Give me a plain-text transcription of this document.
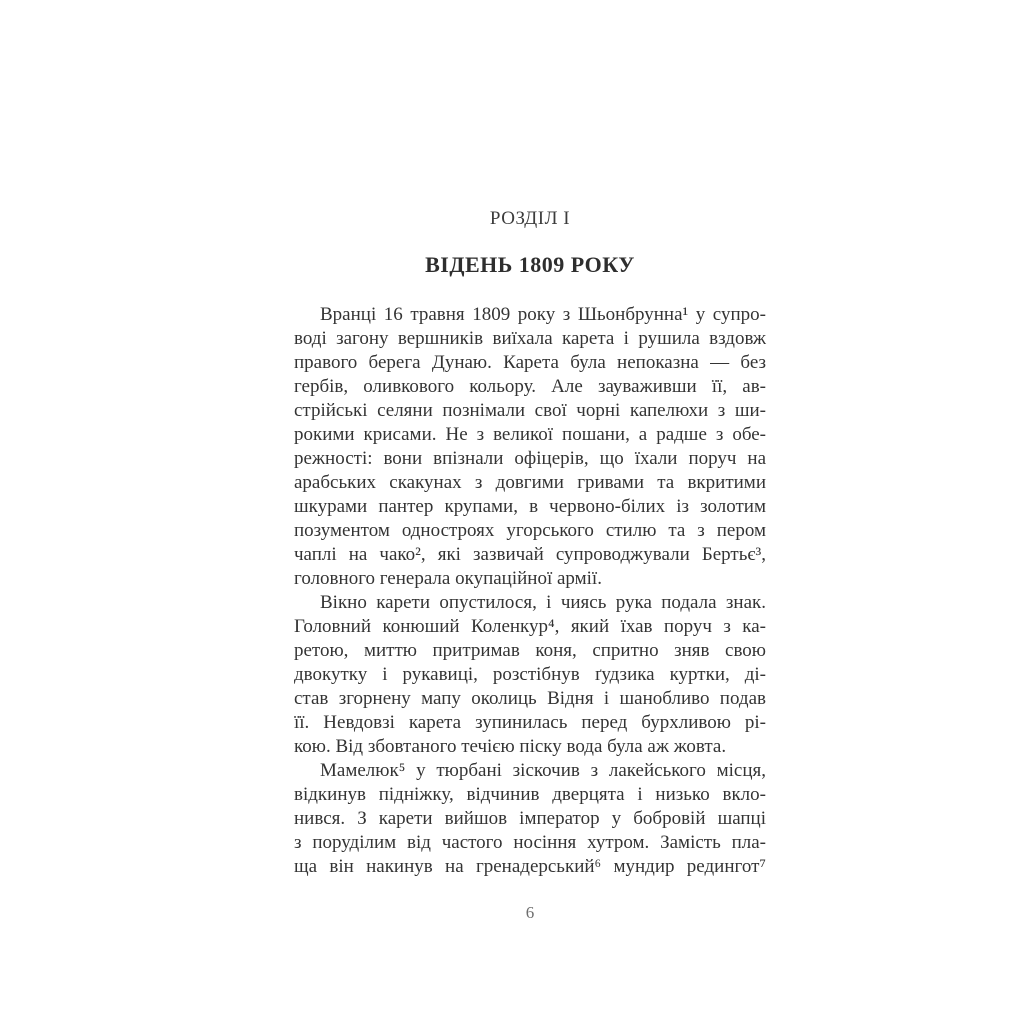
РОЗДІЛ I
ВІДЕНЬ 1809 РОКУ
Вранці 16 травня 1809 року з Шьонбрунна¹ у супро-
воді загону вершників виїхала карета і рушила вздовж
правого берега Дунаю. Карета була непоказна — без
гербів, оливкового кольору. Але зауваживши її, ав-
стрійські селяни познімали свої чорні капелюхи з ши-
рокими крисами. Не з великої пошани, а радше з обе-
режності: вони впізнали офіцерів, що їхали поруч на
арабських скакунах з довгими гривами та вкритими
шкурами пантер крупами, в червоно-білих із золотим
позументом одностроях угорського стилю та з пером
чаплі на чако², які зазвичай супроводжували Бертьє³,
головного генерала окупаційної армії.
Вікно карети опустилося, і чиясь рука подала знак.
Головний конюший Коленкур⁴, який їхав поруч з ка-
ретою, миттю притримав коня, спритно зняв свою
двокутку і рукавиці, розстібнув ґудзика куртки, ді-
став згорнену мапу околиць Відня і шанобливо подав
її. Невдовзі карета зупинилась перед бурхливою рі-
кою. Від збовтаного течією піску вода була аж жовта.
Мамелюк⁵ у тюрбані зіскочив з лакейського місця,
відкинув підніжку, відчинив дверцята і низько вкло-
нився. З карети вийшов імператор у бобровій шапці
з поруділим від частого носіння хутром. Замість пла-
ща він накинув на гренадерський⁶ мундир редингот⁷
6
